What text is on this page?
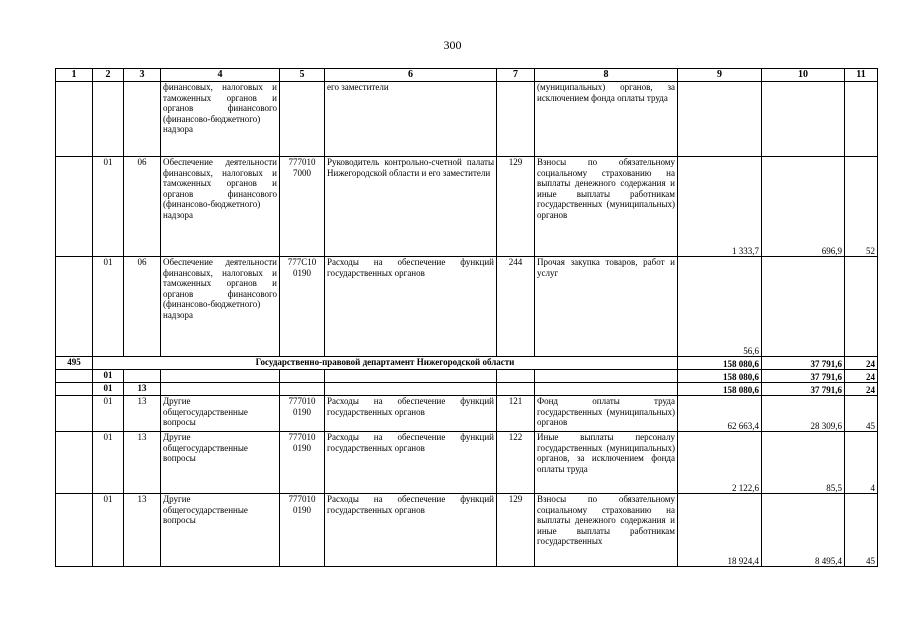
300
1	2	3	4	5	6	7	8	9	10	11
			финансовых, налоговых и таможенных органов и органов финансового (финансово-бюджетного) надзора		его заместители		(муниципальных) органов, за исключением фонда оплаты труда			
	01	06	Обеспечение деятельности финансовых, налоговых и таможенных органов и органов финансового (финансово-бюджетного) надзора	777010 7000	Руководитель контрольно-счетной палаты Нижегородской области и его заместители	129	Взносы по обязательному социальному страхованию на выплаты денежного содержания и иные выплаты работникам государственных (муниципальных) органов	1 333,7	696,9	52
	01	06	Обеспечение деятельности финансовых, налоговых и таможенных органов и органов финансового (финансово-бюджетного) надзора	777С10 0190	Расходы на обеспечение функций государственных органов	244	Прочая закупка товаров, работ и услуг	56,6		
495	Государственно-правовой департамент Нижегородской области							158 080,6	37 791,6	24
	01							158 080,6	37 791,6	24
	01	13						158 080,6	37 791,6	24
	01	13	Другие общегосударственные вопросы	777010 0190	Расходы на обеспечение функций государственных органов	121	Фонд оплаты труда государственных (муниципальных) органов	62 663,4	28 309,6	45
	01	13	Другие общегосударственные вопросы	777010 0190	Расходы на обеспечение функций государственных органов	122	Иные выплаты персоналу государственных (муниципальных) органов, за исключением фонда оплаты труда	2 122,6	85,5	4
	01	13	Другие общегосударственные вопросы	777010 0190	Расходы на обеспечение функций государственных органов	129	Взносы по обязательному социальному страхованию на выплаты денежного содержания и иные выплаты работникам государственных	18 924,4	8 495,4	45
